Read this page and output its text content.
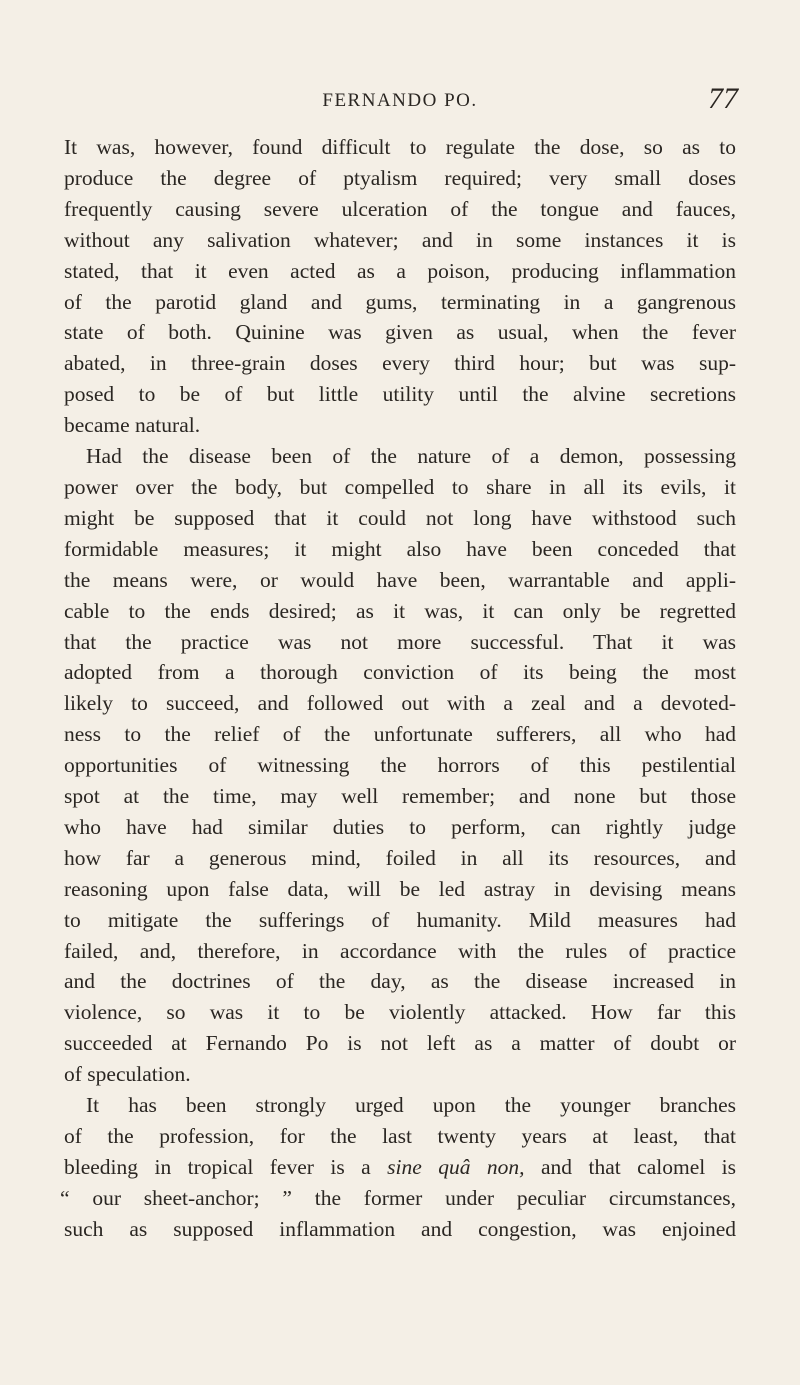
FERNANDO PO.	77
It was, however, found difficult to regulate the dose, so as to
produce the degree of ptyalism required; very small doses
frequently causing severe ulceration of the tongue and fauces,
without any salivation whatever; and in some instances it is
stated, that it even acted as a poison, producing inflammation
of the parotid gland and gums, terminating in a gangrenous
state of both. Quinine was given as usual, when the fever
abated, in three-grain doses every third hour; but was sup-
posed to be of but little utility until the alvine secretions
became natural.
Had the disease been of the nature of a demon, possessing
power over the body, but compelled to share in all its evils, it
might be supposed that it could not long have withstood such
formidable measures; it might also have been conceded that
the means were, or would have been, warrantable and appli-
cable to the ends desired; as it was, it can only be regretted
that the practice was not more successful. That it was
adopted from a thorough conviction of its being the most
likely to succeed, and followed out with a zeal and a devoted-
ness to the relief of the unfortunate sufferers, all who had
opportunities of witnessing the horrors of this pestilential
spot at the time, may well remember; and none but those
who have had similar duties to perform, can rightly judge
how far a generous mind, foiled in all its resources, and
reasoning upon false data, will be led astray in devising means
to mitigate the sufferings of humanity. Mild measures had
failed, and, therefore, in accordance with the rules of practice
and the doctrines of the day, as the disease increased in
violence, so was it to be violently attacked. How far this
succeeded at Fernando Po is not left as a matter of doubt or
of speculation.
It has been strongly urged upon the younger branches
of the profession, for the last twenty years at least, that
bleeding in tropical fever is a sine quâ non, and that calomel is
“ our sheet-anchor; ” the former under peculiar circumstances,
such as supposed inflammation and congestion, was enjoined
